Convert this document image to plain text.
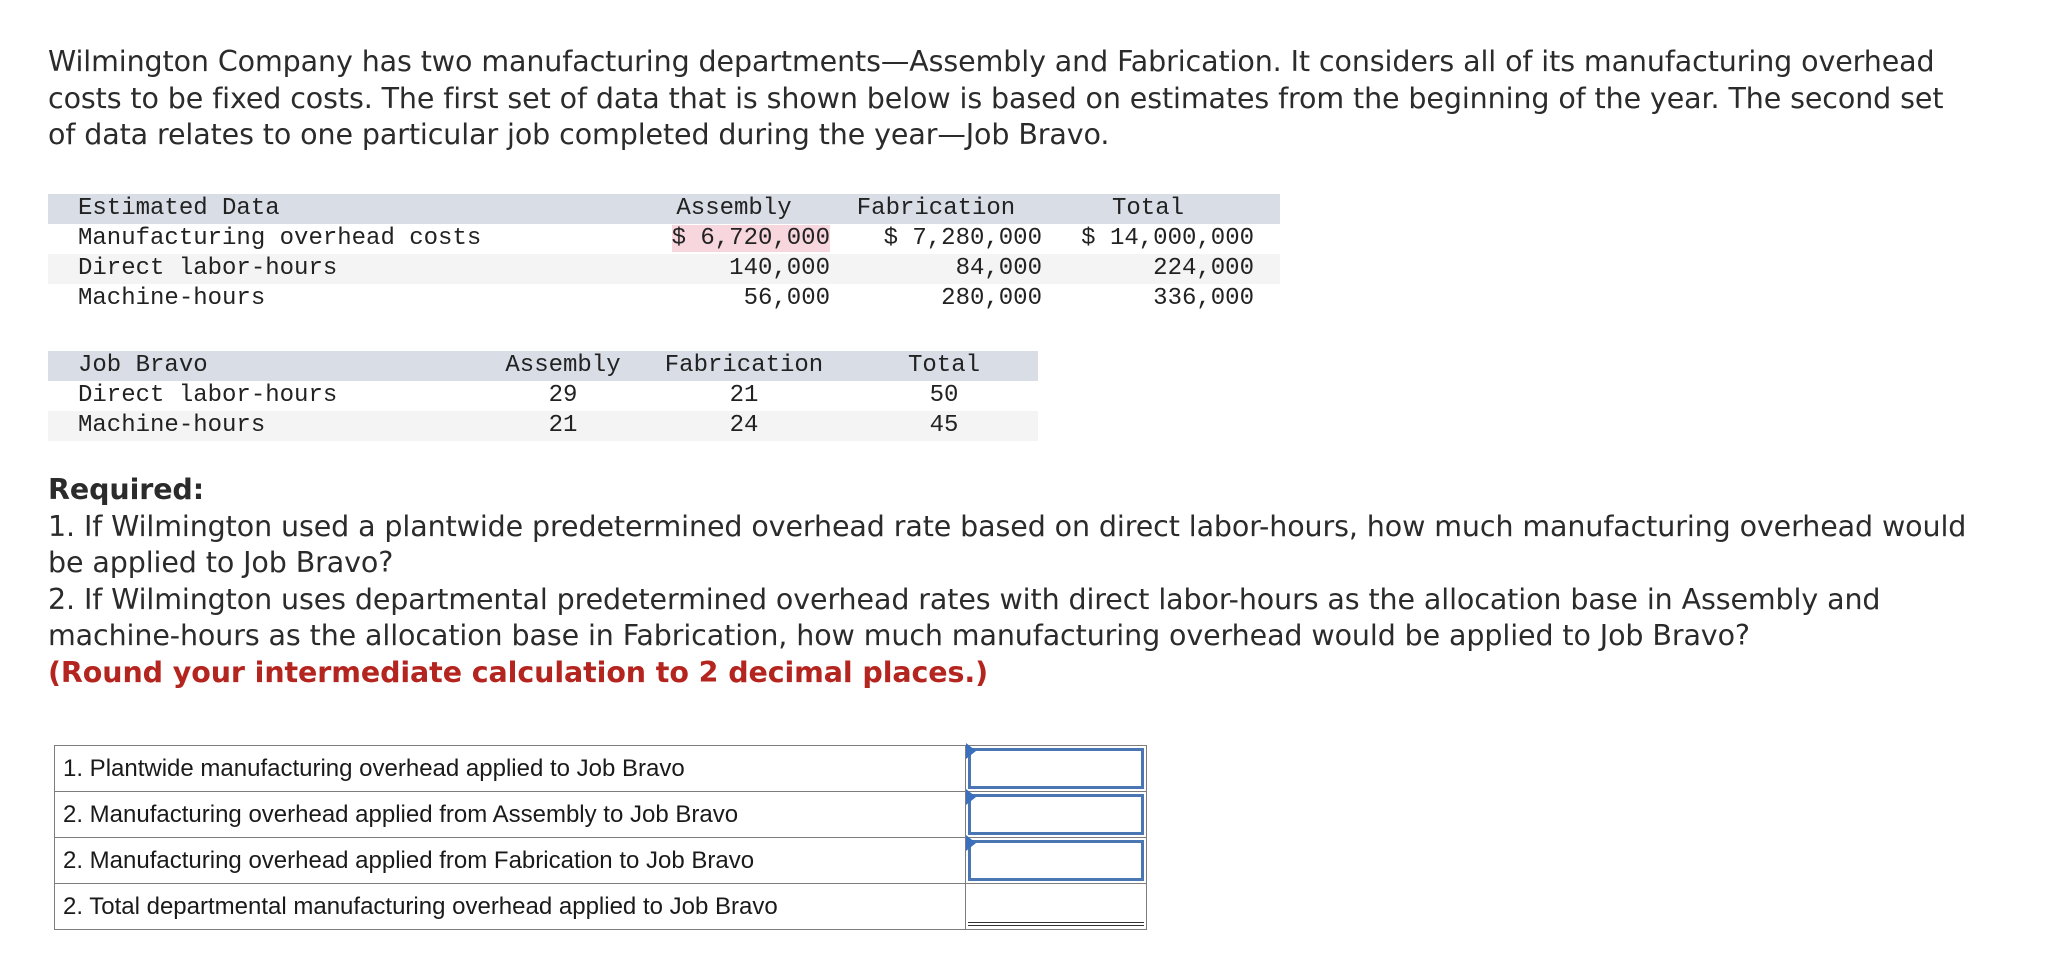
Wilmington Company has two manufacturing departments—Assembly and Fabrication. It considers all of its manufacturing overhead costs to be fixed costs. The first set of data that is shown below is based on estimates from the beginning of the year. The second set of data relates to one particular job completed during the year—Job Bravo.

	Estimated Data	Assembly	Fabrication	Total	
	Manufacturing overhead costs	$ 6,720,000	$ 7,280,000	$ 14,000,000	
	Direct labor-hours	140,000	84,000	224,000	
	Machine-hours	56,000	280,000	336,000	
	Job Bravo	Assembly	Fabrication	Total
	Direct labor-hours	29	21	50
	Machine-hours	21	24	45

Required:

1. If Wilmington used a plantwide predetermined overhead rate based on direct labor-hours, how much manufacturing overhead would be applied to Job Bravo?

2. If Wilmington uses departmental predetermined overhead rates with direct labor-hours as the allocation base in Assembly and machine-hours as the allocation base in Fabrication, how much manufacturing overhead would be applied to Job Bravo?

(Round your intermediate calculation to 2 decimal places.)

1. Plantwide manufacturing overhead applied to Job Bravo	

2. Manufacturing overhead applied from Assembly to Job Bravo	

2. Manufacturing overhead applied from Fabrication to Job Bravo	

2. Total departmental manufacturing overhead applied to Job Bravo	
